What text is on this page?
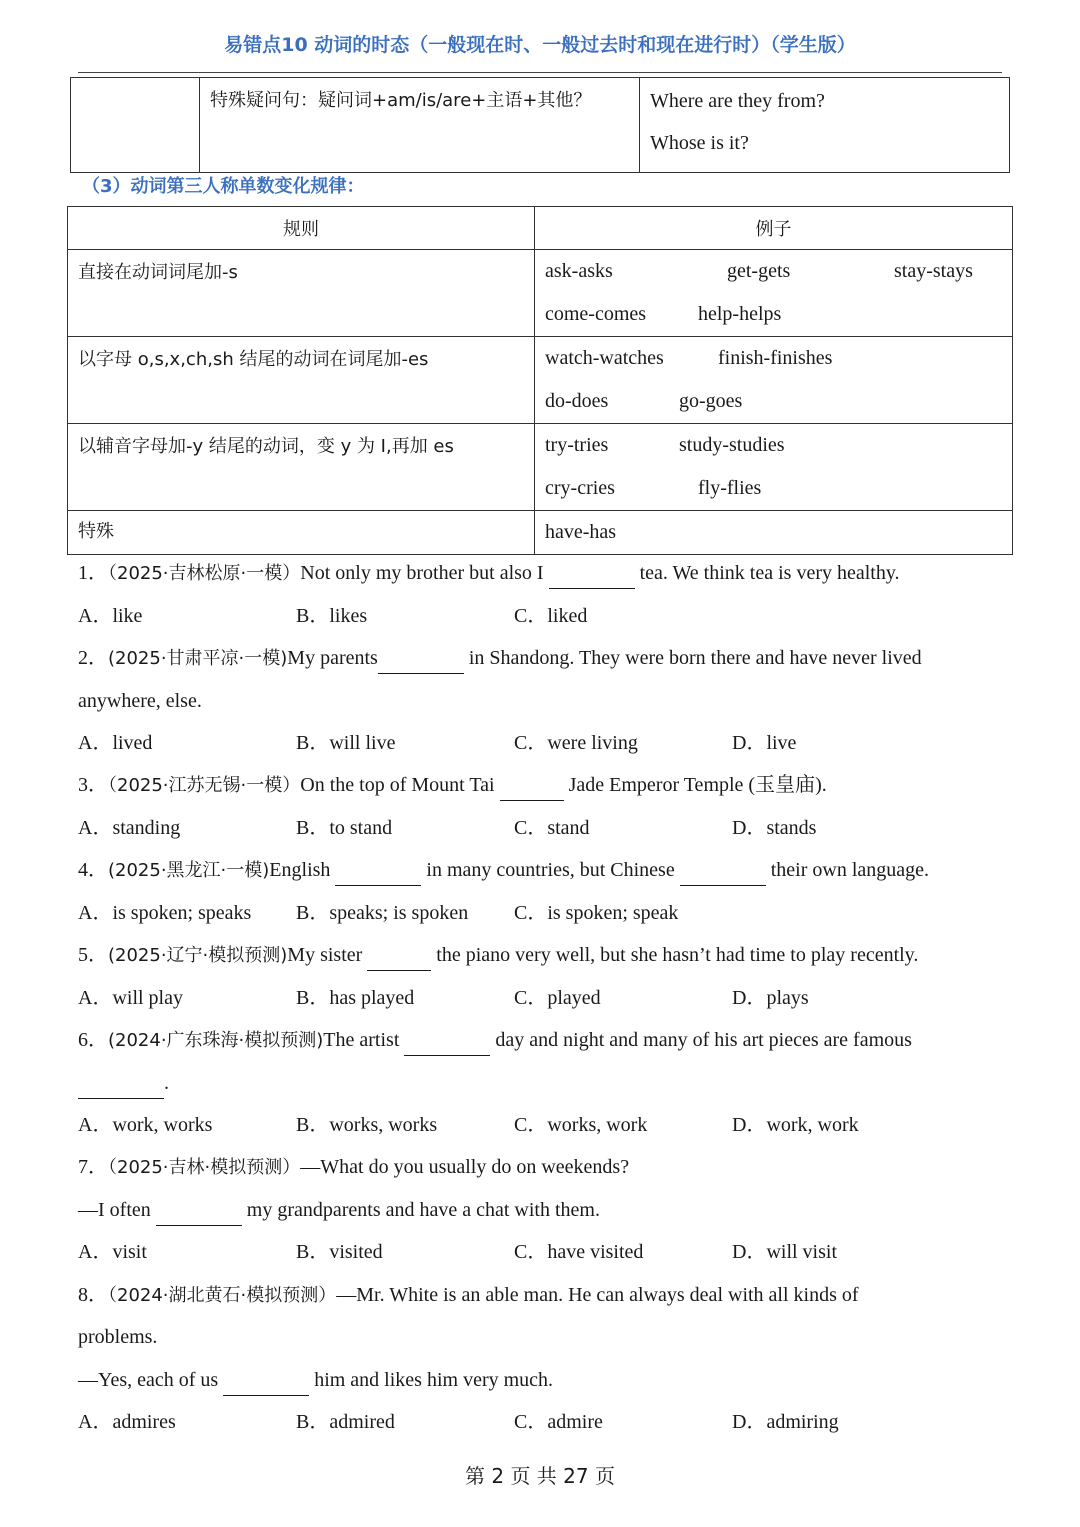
易错点10 动词的时态（一般现在时、一般过去时和现在进行时）（学生版）

特殊疑问句：疑问词+am/is/are+主语+其他？	Where are they from?
Whose is it?
（3）动词第三人称单数变化规律：
规则	例子
直接在动词词尾加-s	ask-asks get-gets stay-stays
come-comes help-helps

以字母 o,s,x,ch,sh 结尾的动词在词尾加-es	watch-watches finish-finishes
do-does go-goes

以辅音字母加-y 结尾的动词，变 y 为 I,再加 es	try-tries study-studies
cry-cries fly-flies

特殊	have-has
1．（2025·吉林松原·一模）Not only my brother but also I	tea. We think tea is very healthy.
A．like	B．likes	C．liked
2．(2025·甘肃平凉·一模)My parents	in Shandong. They were born there and have never lived
anywhere, else.
A．lived	B．will live	C．were living	D．live
3．（2025·江苏无锡·一模）On the top of Mount Tai	Jade Emperor Temple (玉皇庙).
A．standing	B．to stand	C．stand	D．stands
4．(2025·黑龙江·一模)English	in many countries, but Chinese	their own language.
A．is spoken; speaks B．speaks; is spoken C．is spoken; speak
5．(2025·辽宁·模拟预测)My sister	the piano very well, but she hasn’t had time to play recently.
A．will play	B．has played	C．played	D．plays
6．(2024·广东珠海·模拟预测)The artist	day and night and many of his art pieces are famous
.
A．work, works	B．works, works	C．works, work	D．work, work
7．（2025·吉林·模拟预测）—What do you usually do on weekends?
—I often	my grandparents and have a chat with them.
A．visit	B．visited	C．have visited	D．will visit
8．（2024·湖北黄石·模拟预测）—Mr. White is an able man. He can always deal with all kinds of
problems.
—Yes, each of us	him and likes him very much.
A．admires	B．admired	C．admire	D．admiring
第 2 页 共 27 页
